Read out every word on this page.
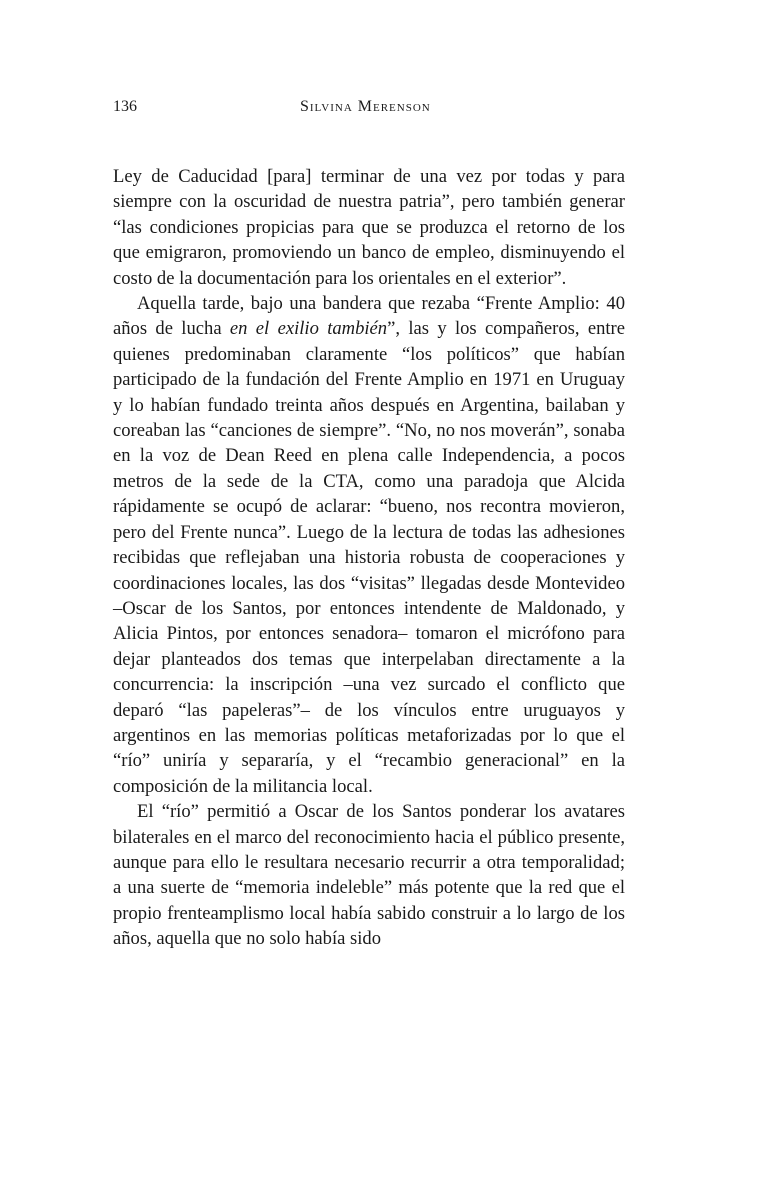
136	Silvina Merenson

Ley de Caducidad [para] terminar de una vez por todas y para siempre con la oscuridad de nuestra patria”, pero también generar “las condiciones propicias para que se produzca el retorno de los que emigraron, promoviendo un banco de empleo, disminuyendo el costo de la documentación para los orientales en el exterior”.

Aquella tarde, bajo una bandera que rezaba “Frente Amplio: 40 años de lucha en el exilio también”, las y los compañeros, entre quienes predominaban claramente “los políticos” que habían participado de la fundación del Frente Amplio en 1971 en Uruguay y lo habían fundado treinta años después en Argentina, bailaban y coreaban las “canciones de siempre”. “No, no nos moverán”, sonaba en la voz de Dean Reed en plena calle Independencia, a pocos metros de la sede de la CTA, como una paradoja que Alcida rápidamente se ocupó de aclarar: “bueno, nos recontra movieron, pero del Frente nunca”. Luego de la lectura de todas las adhesiones recibidas que reflejaban una historia robusta de cooperaciones y coordinaciones locales, las dos “visitas” llegadas desde Montevideo –Oscar de los Santos, por entonces intendente de Maldonado, y Alicia Pintos, por entonces senadora– tomaron el micrófono para dejar planteados dos temas que interpelaban directamente a la concurrencia: la inscripción –una vez surcado el conflicto que deparó “las papeleras”– de los vínculos entre uruguayos y argentinos en las memorias políticas metaforizadas por lo que el “río” uniría y separaría, y el “recambio generacional” en la composición de la militancia local.

El “río” permitió a Oscar de los Santos ponderar los avatares bilaterales en el marco del reconocimiento hacia el público presente, aunque para ello le resultara necesario recurrir a otra temporalidad; a una suerte de “memoria indeleble” más potente que la red que el propio frenteamplismo local había sabido construir a lo largo de los años, aquella que no solo había sido
